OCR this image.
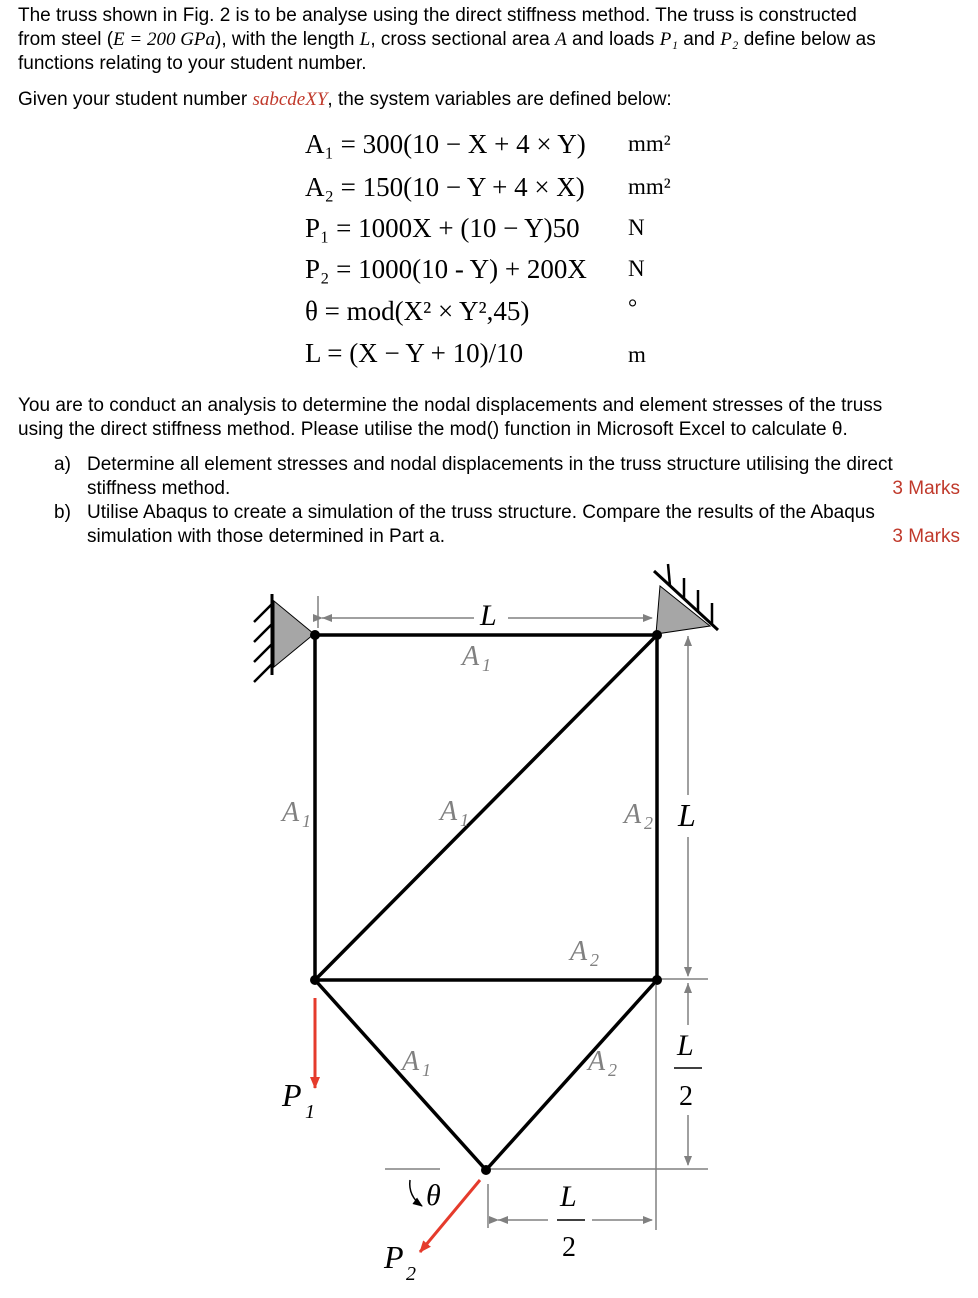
The truss shown in Fig. 2 is to be analyse using the direct stiffness method. The truss is constructed
from steel (E = 200 GPa), with the length L, cross sectional area A and loads P₁ and P₂ define below as
functions relating to your student number.
Given your student number sabcdeXY, the system variables are defined below:
A₁ = 300(10 − X + 4 × Y) mm²
A₂ = 150(10 − Y + 4 × X) mm²
P₁ = 1000X + (10 − Y)50 N
P₂ = 1000(10 - Y) + 200X N
θ = mod(X² × Y²,45)	°
L = (X − Y + 10)/10	m
You are to conduct an analysis to determine the nodal displacements and element stresses of the truss
using the direct stiffness method. Please utilise the mod() function in Microsoft Excel to calculate θ.
a) Determine all element stresses and nodal displacements in the truss structure utilising the direct
stiffness method.	3 Marks
b) Utilise Abaqus to create a simulation of the truss structure. Compare the results of the Abaqus
simulation with those determined in Part a.	3 Marks
L
A 1
A 1	A 1	A 2 L
A 2
A 1	A 2
L
2
P 1
θ	L
2
P 2
